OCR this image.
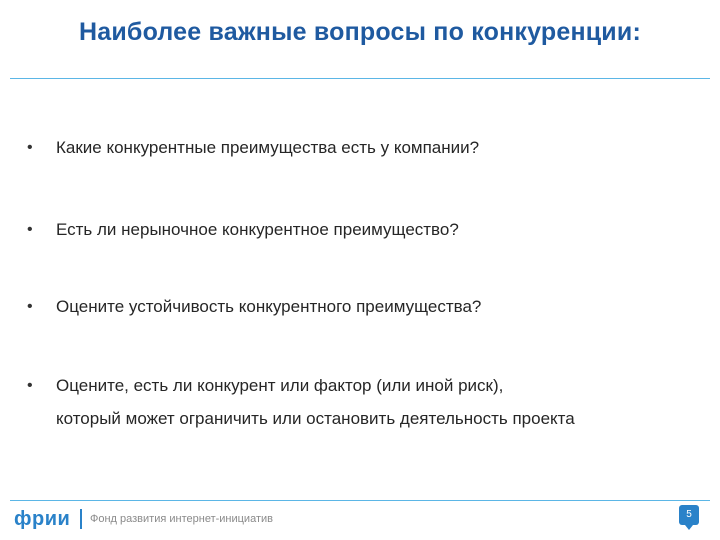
Наиболее важные вопросы по конкуренции:
• Какие конкурентные преимущества есть у компании?
• Есть ли нерыночное конкурентное преимущество?
• Оцените устойчивость конкурентного преимущества?
• Оцените, есть ли конкурент или фактор (или иной риск),
который может ограничить или остановить деятельность проекта
фрии Фонд развития интернет-инициатив	5
